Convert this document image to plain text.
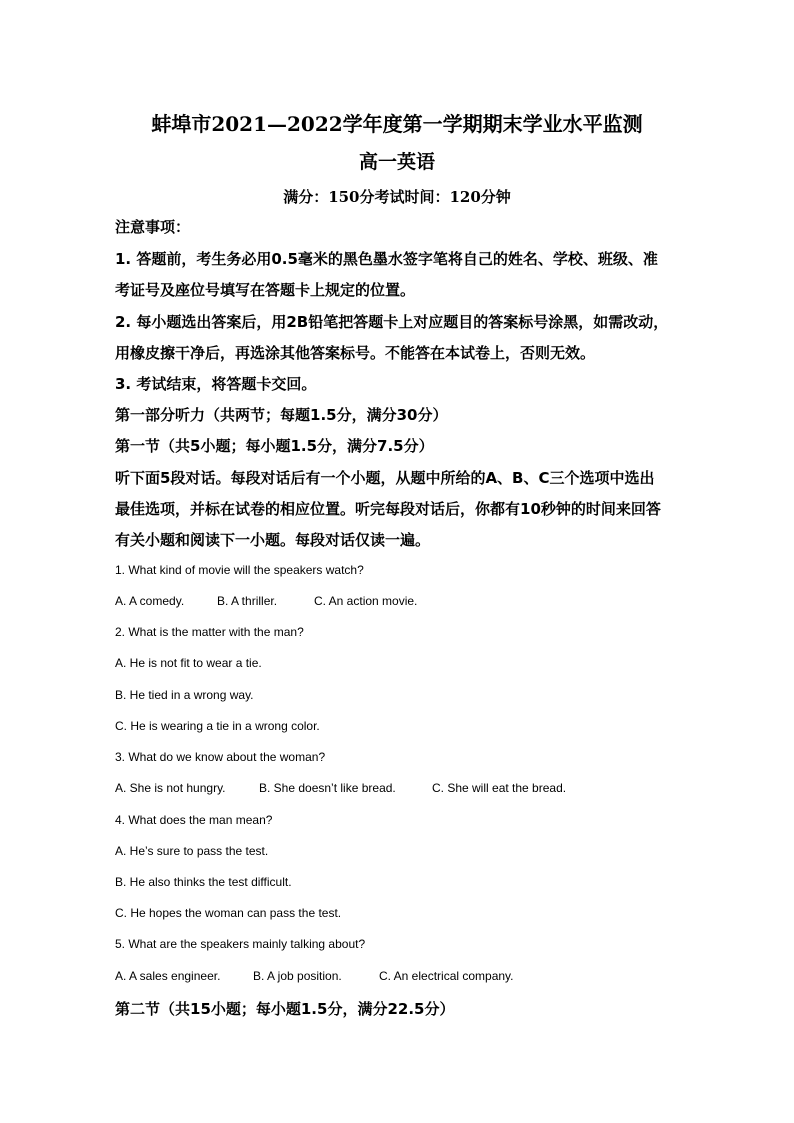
蚌埠市2021—2022学年度第一学期期末学业水平监测
高一英语
满分：150分考试时间：120分钟
注意事项：
1. 答题前，考生务必用0.5毫米的黑色墨水签字笔将自己的姓名、学校、班级、准
考证号及座位号填写在答题卡上规定的位置。
2. 每小题选出答案后，用2B铅笔把答题卡上对应题目的答案标号涂黑，如需改动，
用橡皮擦干净后，再选涂其他答案标号。不能答在本试卷上，否则无效。
3. 考试结束，将答题卡交回。
第一部分听力（共两节；每题1.5分，满分30分）
第一节（共5小题；每小题1.5分，满分7.5分）
听下面5段对话。每段对话后有一个小题，从题中所给的A、B、C三个选项中选出
最佳选项，并标在试卷的相应位置。听完每段对话后，你都有10秒钟的时间来回答
有关小题和阅读下一小题。每段对话仅读一遍。
1. What kind of movie will the speakers watch?
A. A comedy.	B. A thriller.	C. An action movie.
2. What is the matter with the man?
A. He is not fit to wear a tie.
B. He tied in a wrong way.
C. He is wearing a tie in a wrong color.
3. What do we know about the woman?
A. She is not hungry.	B. She doesn’t like bread.	C. She will eat the bread.
4. What does the man mean?
A. He’s sure to pass the test.
B. He also thinks the test difficult.
C. He hopes the woman can pass the test.
5. What are the speakers mainly talking about?
A. A sales engineer.	B. A job position.	C. An electrical company.
第二节（共15小题；每小题1.5分，满分22.5分）
